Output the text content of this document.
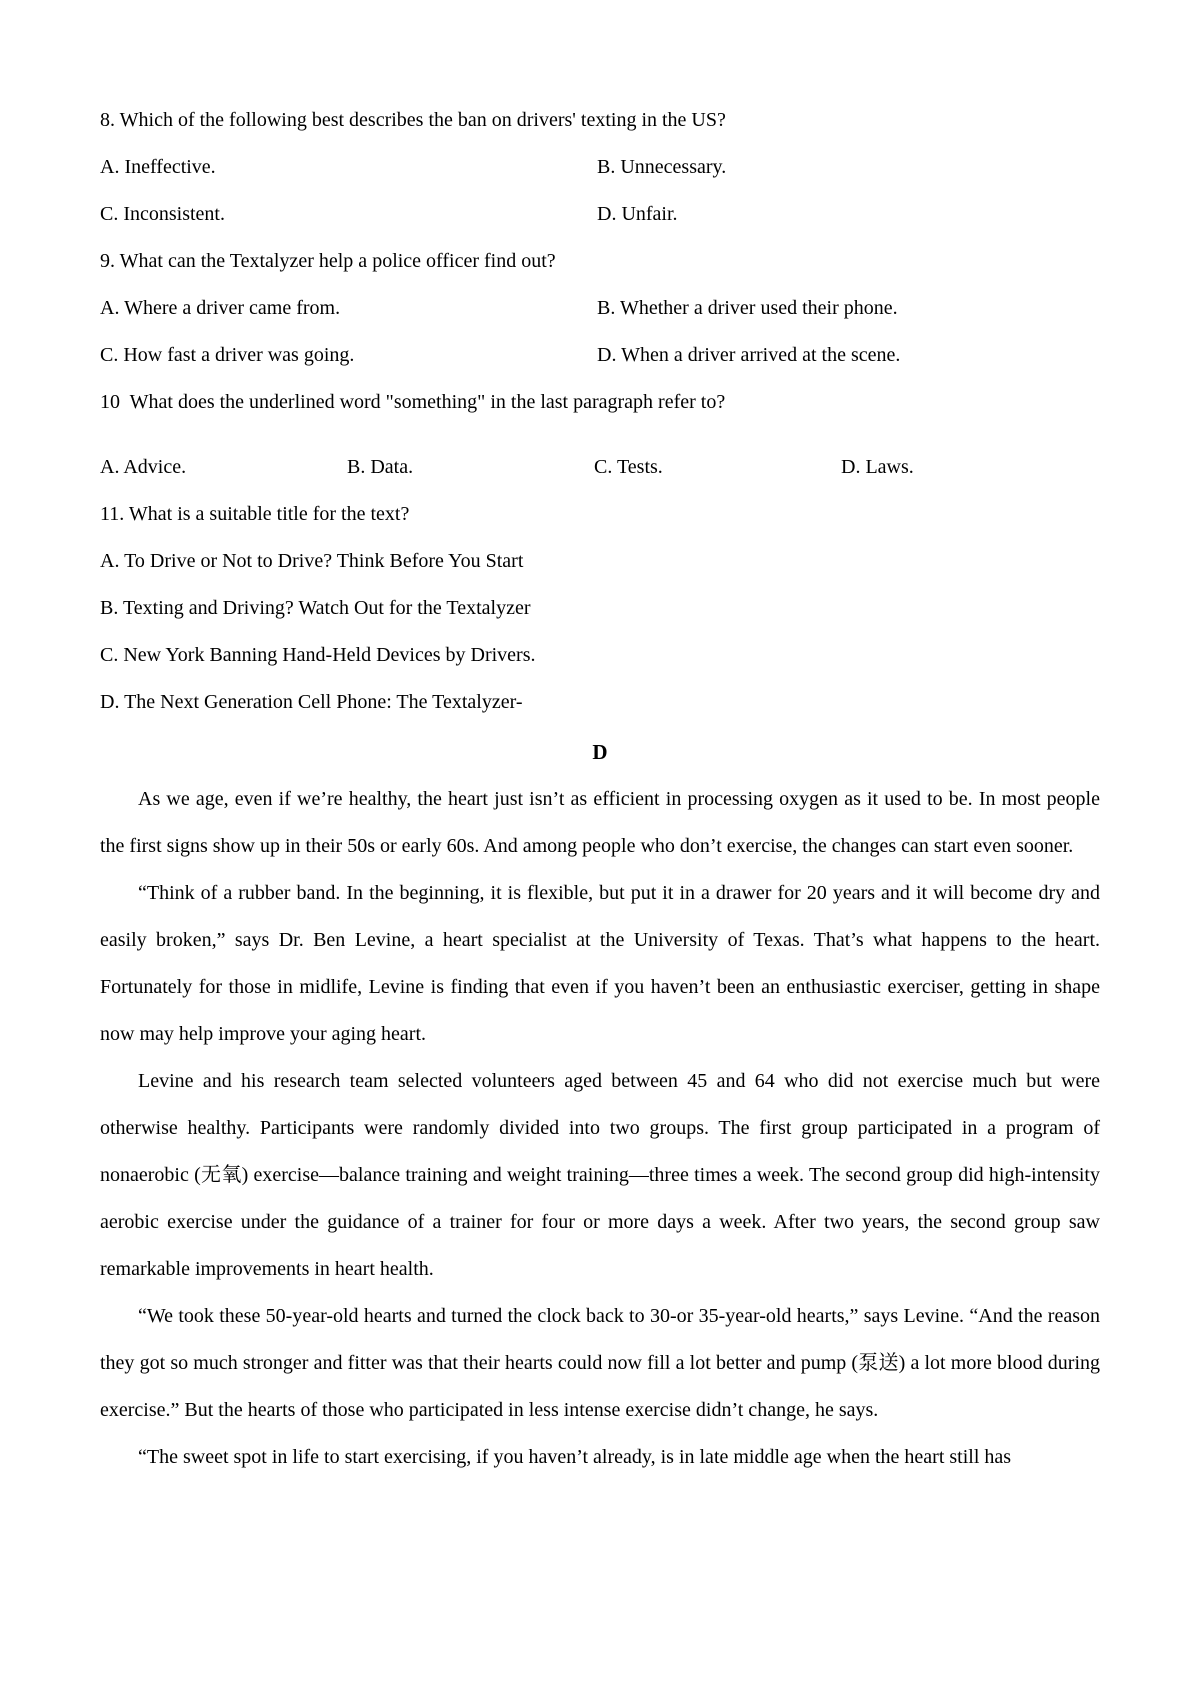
8. Which of the following best describes the ban on drivers' texting in the US?
A. Ineffective.	B. Unnecessary.
C. Inconsistent.	D. Unfair.
9. What can the Textalyzer help a police officer find out?
A. Where a driver came from.	B. Whether a driver used their phone.
C. How fast a driver was going.	D. When a driver arrived at the scene.
10  What does the underlined word "something" in the last paragraph refer to?
A. Advice.	B. Data.	C. Tests.	D. Laws.
11. What is a suitable title for the text?
A. To Drive or Not to Drive? Think Before You Start
B. Texting and Driving? Watch Out for the Textalyzer
C. New York Banning Hand-Held Devices by Drivers.
D. The Next Generation Cell Phone: The Textalyzer-
D

As we age, even if we’re healthy, the heart just isn’t as efficient in processing oxygen as it used to be. In most people the first signs show up in their 50s or early 60s. And among people who don’t exercise, the changes can start even sooner.

“Think of a rubber band. In the beginning, it is flexible, but put it in a drawer for 20 years and it will become dry and easily broken,” says Dr. Ben Levine, a heart specialist at the University of Texas. That’s what happens to the heart. Fortunately for those in midlife, Levine is finding that even if you haven’t been an enthusiastic exerciser, getting in shape now may help improve your aging heart.

Levine and his research team selected volunteers aged between 45 and 64 who did not exercise much but were otherwise healthy. Participants were randomly divided into two groups. The first group participated in a program of nonaerobic (无氧) exercise—balance training and weight training—three times a week. The second group did high-intensity aerobic exercise under the guidance of a trainer for four or more days a week. After two years, the second group saw remarkable improvements in heart health.

“We took these 50-year-old hearts and turned the clock back to 30-or 35-year-old hearts,” says Levine. “And the reason they got so much stronger and fitter was that their hearts could now fill a lot better and pump (泵送) a lot more blood during exercise.” But the hearts of those who participated in less intense exercise didn’t change, he says.

“The sweet spot in life to start exercising, if you haven’t already, is in late middle age when the heart still has
